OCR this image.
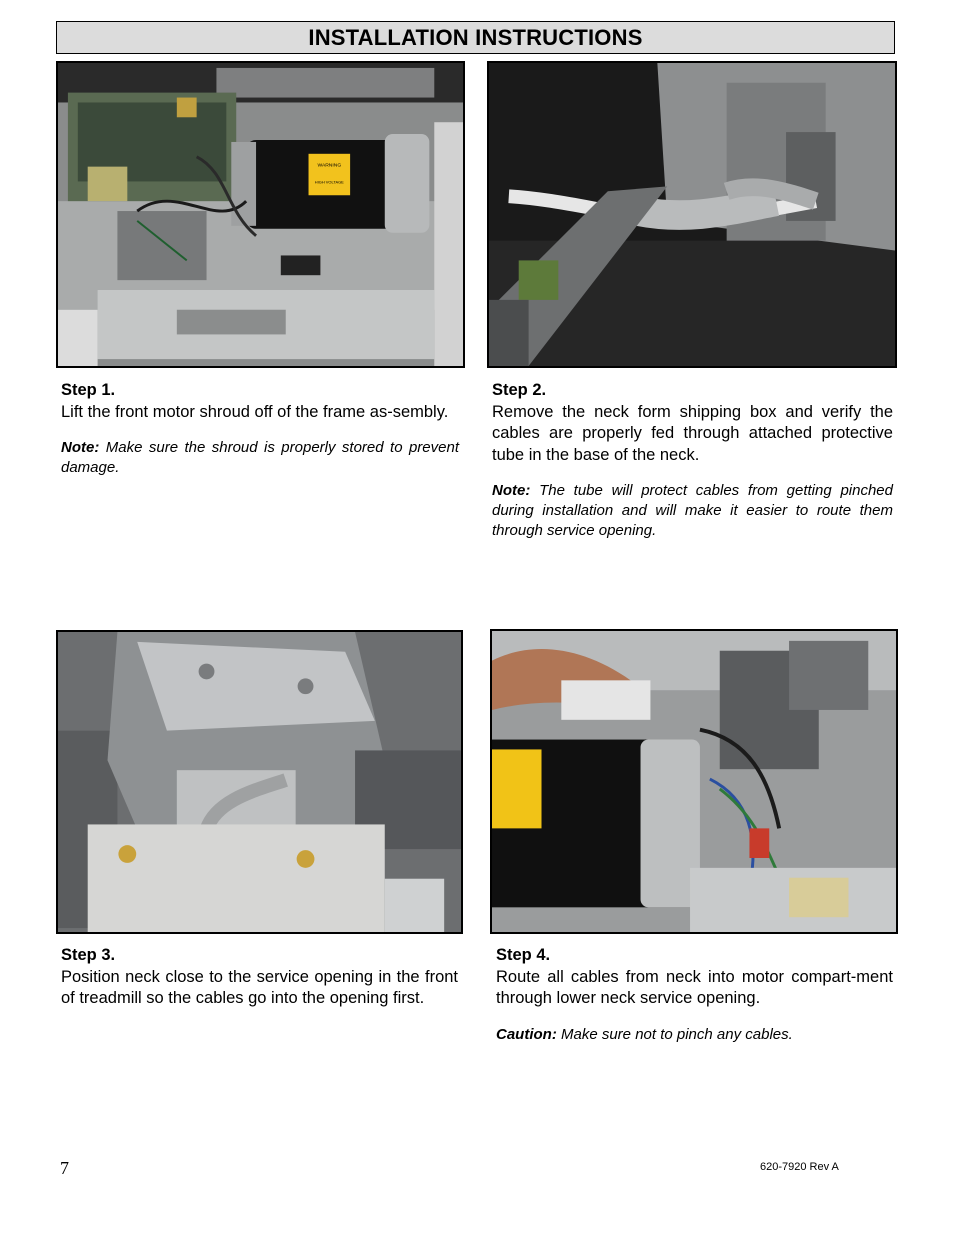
INSTALLATION INSTRUCTIONS
WARNING
HIGH VOLTAGE
Step 1.
Lift the front motor shroud off of the frame as-sembly.
Note: Make sure the shroud is properly stored to prevent damage.
Step 2.
Remove the neck form shipping box and verify the cables are properly fed through attached protective tube in the base of the neck.
Note: The tube will protect cables from getting pinched during installation and will make it easier to route them through service opening.
Step 3.
Position neck close to the service opening in the front of treadmill so the cables go into the opening first.
Step 4.
Route all cables from neck into motor compart-ment through lower neck service opening.
Caution: Make sure not to pinch any cables.
7	620-7920 Rev A
